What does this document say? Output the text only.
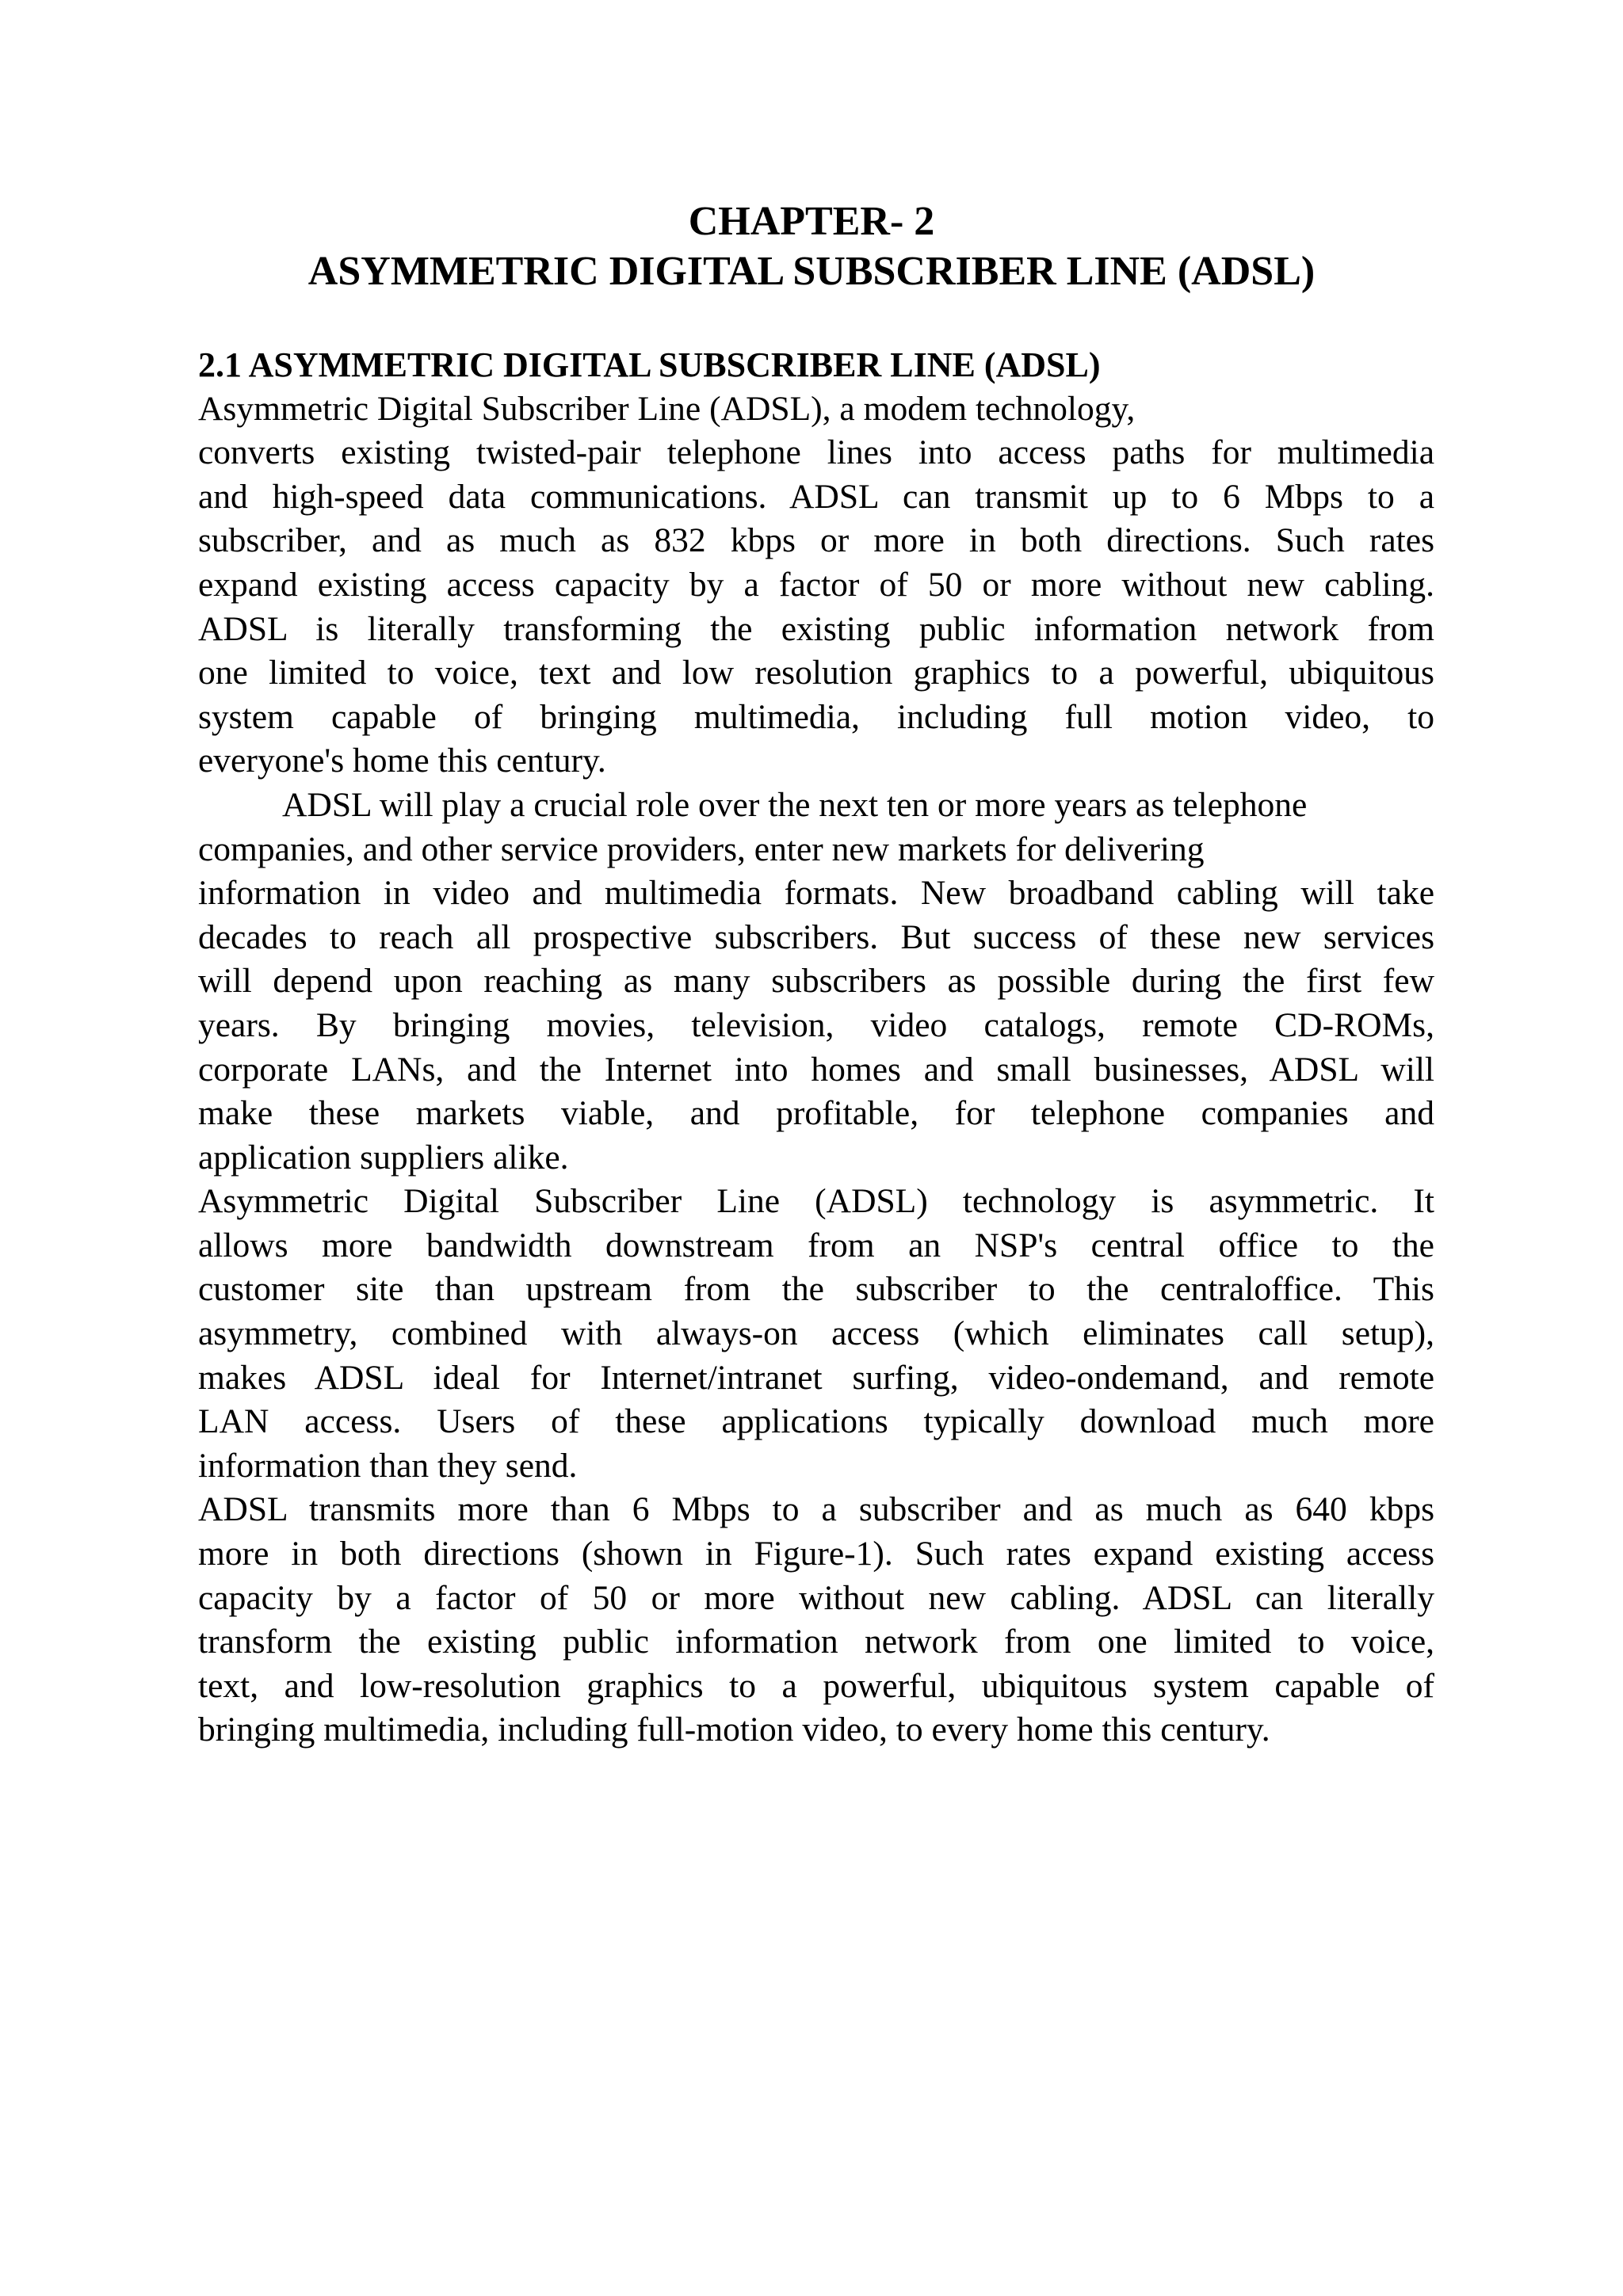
CHAPTER- 2
ASYMMETRIC DIGITAL SUBSCRIBER LINE (ADSL)
2.1 ASYMMETRIC DIGITAL SUBSCRIBER LINE (ADSL)
Asymmetric Digital Subscriber Line (ADSL), a modem technology,
converts existing twisted-pair telephone lines into access paths for multimedia
and high-speed data communications. ADSL can transmit up to 6 Mbps to a
subscriber, and as much as 832 kbps or more in both directions. Such rates
expand existing access capacity by a factor of 50 or more without new cabling.
ADSL is literally transforming the existing public information network from
one limited to voice, text and low resolution graphics to a powerful, ubiquitous
system capable of bringing multimedia, including full motion video, to
everyone's home this century.
ADSL will play a crucial role over the next ten or more years as telephone
companies, and other service providers, enter new markets for delivering
information in video and multimedia formats. New broadband cabling will take
decades to reach all prospective subscribers. But success of these new services
will depend upon reaching as many subscribers as possible during the first few
years. By bringing movies, television, video catalogs, remote CD-ROMs,
corporate LANs, and the Internet into homes and small businesses, ADSL will
make these markets viable, and profitable, for telephone companies and
application suppliers alike.
Asymmetric Digital Subscriber Line (ADSL) technology is asymmetric. It
allows more bandwidth downstream from an NSP's central office to the
customer site than upstream from the subscriber to the centraloffice. This
asymmetry, combined with always-on access (which eliminates call setup),
makes ADSL ideal for Internet/intranet surfing, video-ondemand, and remote
LAN access. Users of these applications typically download much more
information than they send.
ADSL transmits more than 6 Mbps to a subscriber and as much as 640 kbps
more in both directions (shown in Figure-1). Such rates expand existing access
capacity by a factor of 50 or more without new cabling. ADSL can literally
transform the existing public information network from one limited to voice,
text, and low-resolution graphics to a powerful, ubiquitous system capable of
bringing multimedia, including full-motion video, to every home this century.
